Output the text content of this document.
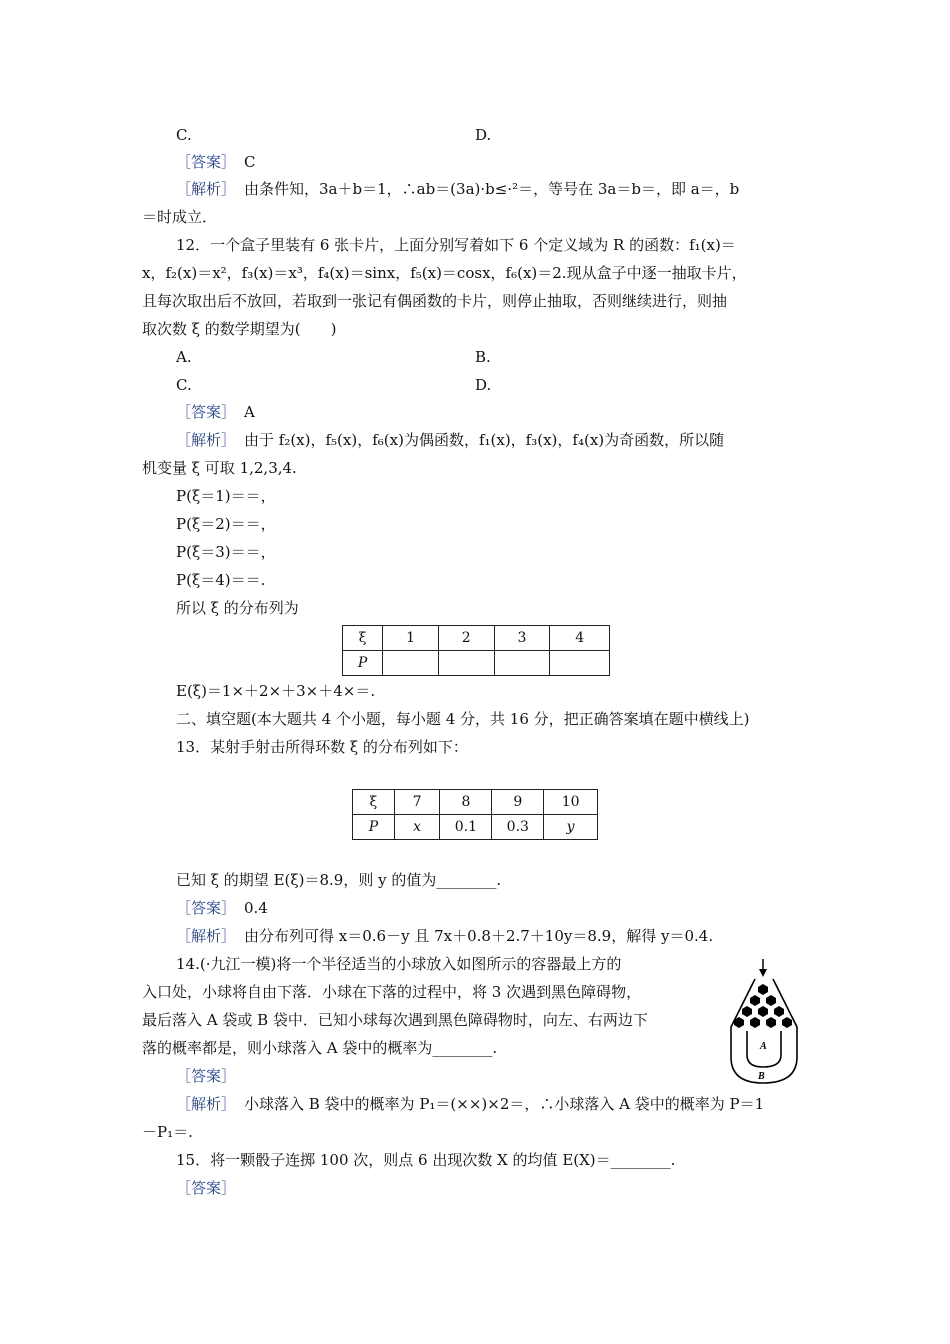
C.	D.
［答案］ C
［解析］ 由条件知，3a＋b＝1，∴ab＝(3a)·b≤·²＝，等号在 3a＝b＝，即 a＝，b
＝时成立．
12．一个盒子里装有 6 张卡片，上面分别写着如下 6 个定义域为 R 的函数：f₁(x)＝
x，f₂(x)＝x²，f₃(x)＝x³，f₄(x)＝sinx，f₅(x)＝cosx，f₆(x)＝2.现从盒子中逐一抽取卡片，
且每次取出后不放回，若取到一张记有偶函数的卡片，则停止抽取，否则继续进行，则抽
取次数 ξ 的数学期望为(　　)
A.	B.
C.	D.
［答案］ A
［解析］ 由于 f₂(x)，f₅(x)，f₆(x)为偶函数，f₁(x)，f₃(x)，f₄(x)为奇函数，所以随
机变量 ξ 可取 1,2,3,4.
P(ξ＝1)＝＝，
P(ξ＝2)＝＝，
P(ξ＝3)＝＝，
P(ξ＝4)＝＝.
所以 ξ 的分布列为
ξ	1	2	3	4
P				
E(ξ)＝1×＋2×＋3×＋4×＝.
二、填空题(本大题共 4 个小题，每小题 4 分，共 16 分，把正确答案填在题中横线上)
13．某射手射击所得环数 ξ 的分布列如下：
ξ	7	8	9	10
P	x	0.1	0.3	y
已知 ξ 的期望 E(ξ)＝8.9，则 y 的值为________.
［答案］ 0.4
［解析］ 由分布列可得 x＝0.6－y 且 7x＋0.8＋2.7＋10y＝8.9，解得 y＝0.4.
14.(·九江一模)将一个半径适当的小球放入如图所示的容器最上方的
入口处，小球将自由下落．小球在下落的过程中，将 3 次遇到黑色障碍物，
最后落入 A 袋或 B 袋中．已知小球每次遇到黑色障碍物时，向左、右两边下
落的概率都是，则小球落入 A 袋中的概率为________.	A
B
［答案］
［解析］ 小球落入 B 袋中的概率为 P₁＝(××)×2＝，∴小球落入 A 袋中的概率为 P＝1
－P₁＝.
15．将一颗骰子连掷 100 次，则点 6 出现次数 X 的均值 E(X)＝________.
［答案］
